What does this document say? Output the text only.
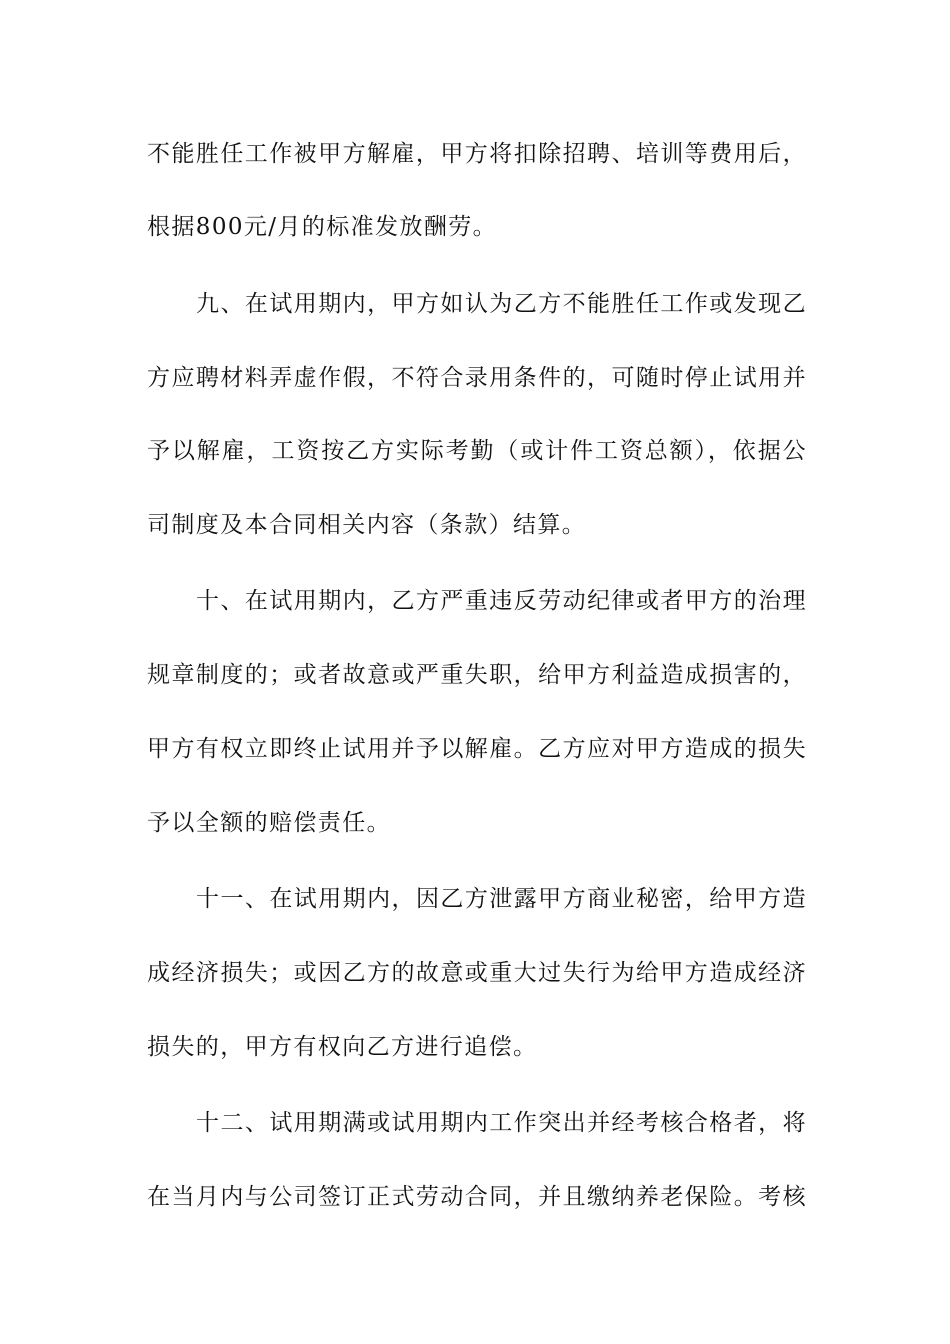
不能胜任工作被甲方解雇，甲方将扣除招聘、培训等费用后，
根据800元/月的标准发放酬劳。
九、在试用期内，甲方如认为乙方不能胜任工作或发现乙
方应聘材料弄虚作假，不符合录用条件的，可随时停止试用并
予以解雇，工资按乙方实际考勤（或计件工资总额），依据公
司制度及本合同相关内容（条款）结算。
十、在试用期内，乙方严重违反劳动纪律或者甲方的治理
规章制度的；或者故意或严重失职，给甲方利益造成损害的，
甲方有权立即终止试用并予以解雇。乙方应对甲方造成的损失
予以全额的赔偿责任。
十一、在试用期内，因乙方泄露甲方商业秘密，给甲方造
成经济损失；或因乙方的故意或重大过失行为给甲方造成经济
损失的，甲方有权向乙方进行追偿。
十二、试用期满或试用期内工作突出并经考核合格者，将
在当月内与公司签订正式劳动合同，并且缴纳养老保险。考核
